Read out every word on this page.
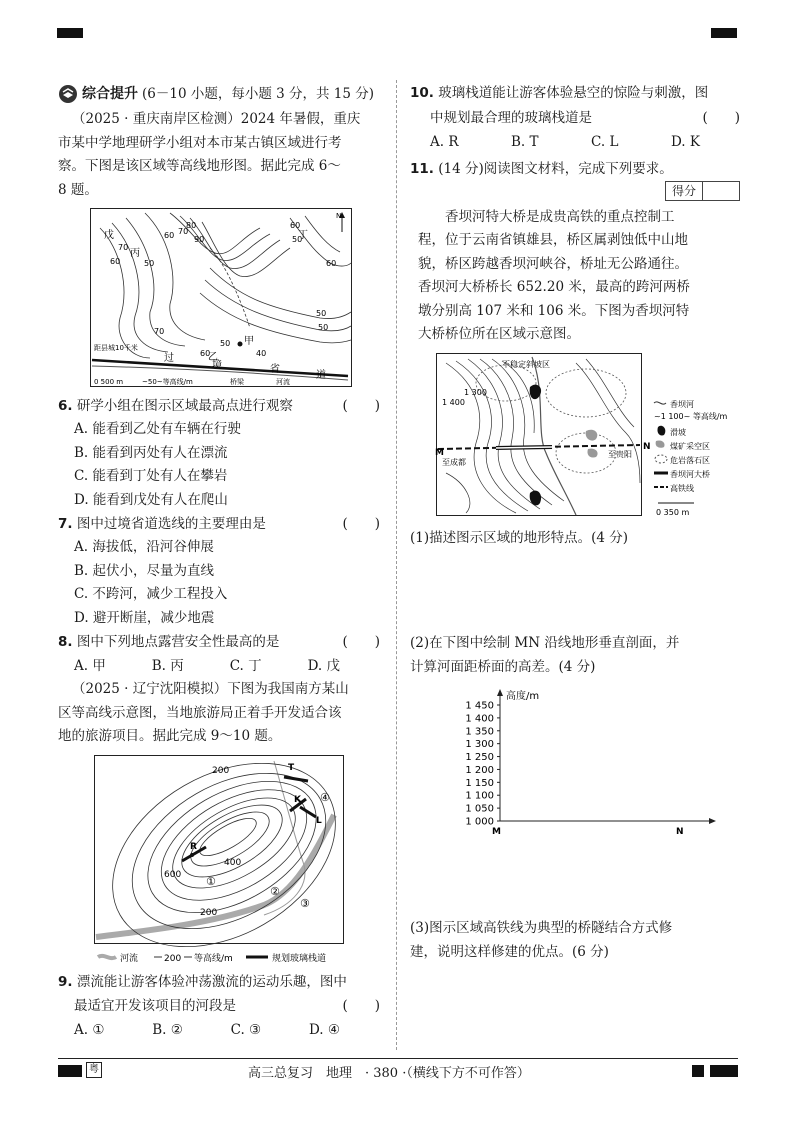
综合提升 (6－10 小题，每小题 3 分，共 15 分)
（2025 · 重庆南岸区检测）2024 年暑假，重庆
市某中学地理研学小组对本市某古镇区域进行考
察。下图是该区域等高线地形图。据此完成 6～
8 题。
戊
丙
丁
乙
甲
过
境	省
道
70
60	50
60 70
80
90
60
50
60
50
70
60
50
40
50
距县城10千米
N
0 500 m	~50~等高线/m	桥梁	河流
6. 研学小组在图示区域最高点进行观察	(　　)
A. 能看到乙处有车辆在行驶
B. 能看到丙处有人在漂流
C. 能看到丁处有人在攀岩
D. 能看到戊处有人在爬山
7. 图中过境省道选线的主要理由是	(　　)
A. 海拔低，沿河谷伸展
B. 起伏小，尽量为直线
C. 不跨河，减少工程投入
D. 避开断崖，减少地震
8. 图中下列地点露营安全性最高的是	(　　)
A. 甲	B. 丙	C. 丁	D. 戊
（2025 · 辽宁沈阳模拟）下图为我国南方某山
区等高线示意图，当地旅游局正着手开发适合该
地的旅游项目。据此完成 9～10 题。
200
400
600
200
T
K
L
R
①
②
③
④
河流	200 等高线/m	规划玻璃栈道
9. 漂流能让游客体验冲荡激流的运动乐趣，图中
最适宜开发该项目的河段是	(　　)
A. ①	B. ②	C. ③	D. ④
10. 玻璃栈道能让游客体验悬空的惊险与刺激，图
中规划最合理的玻璃栈道是	(　　)
A. R	B. T	C. L	D. K
11. (14 分)阅读图文材料，完成下列要求。
得分
香坝河特大桥是成贵高铁的重点控制工
程，位于云南省镇雄县，桥区属剥蚀低中山地
貌，桥区跨越香坝河峡谷，桥址无公路通往。
香坝河大桥桥长 652.20 米，最高的跨河两桥
墩分别高 107 米和 106 米。下图为香坝河特
大桥桥位所在区域示意图。
不稳定斜坡区
1 300
1 400
M
N
至成都
至贵阳
香坝河
~1 100~ 等高线/m
滑坡
煤矿采空区
危岩落石区
香坝河大桥
高铁线
0 350 m
(1)描述图示区域的地形特点。(4 分)
(2)在下图中绘制 MN 沿线地形垂直剖面，并
计算河面距桥面的高差。(4 分)
高度/m
1 450
1 400
1 350
1 300
1 250
1 200
1 150
1 100
1 050
1 000
M	N
(3)图示区域高铁线为典型的桥隧结合方式修
建，说明这样修建的优点。(6 分)
粤	高三总复习　地理　· 380 ·（横线下方不可作答）
